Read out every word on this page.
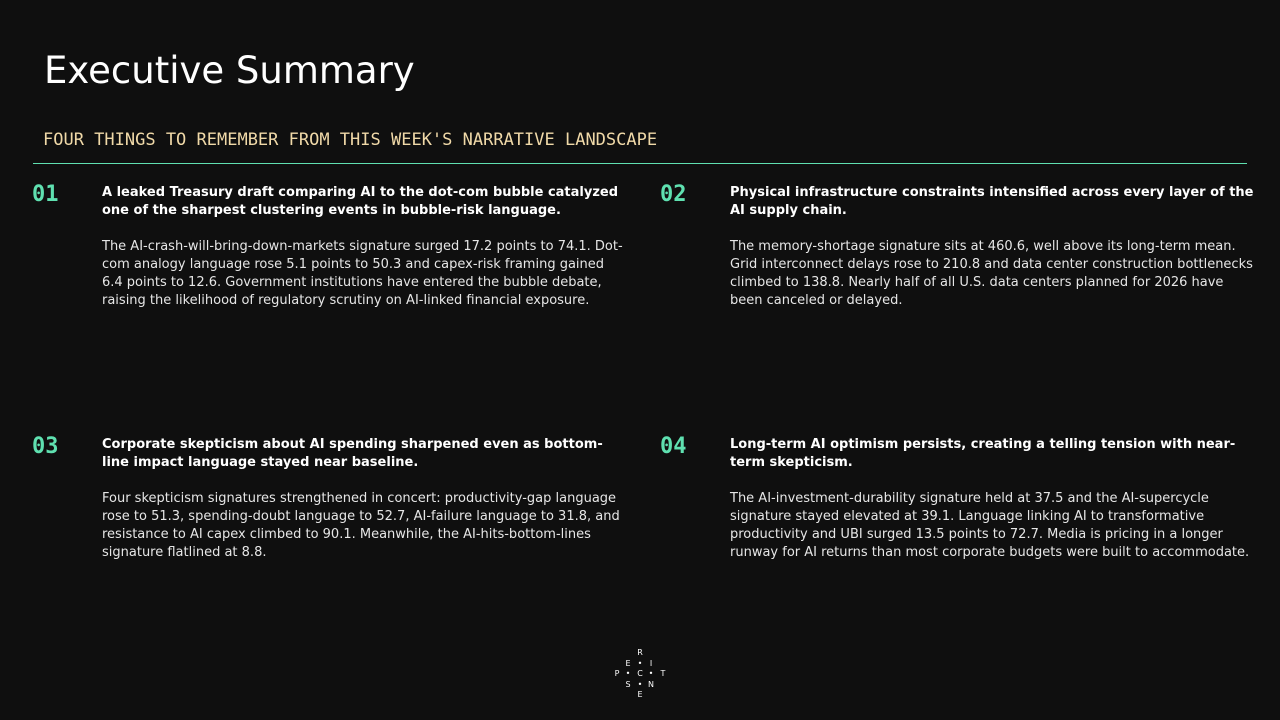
Executive Summary
FOUR THINGS TO REMEMBER FROM THIS WEEK'S NARRATIVE LANDSCAPE
01	A leaked Treasury draft comparing AI to the dot-com bubble catalyzed one of the sharpest clustering events in bubble-risk language.

The AI-crash-will-bring-down-markets signature surged 17.2 points to 74.1. Dot-com analogy language rose 5.1 points to 50.3 and capex-risk framing gained 6.4 points to 12.6. Government institutions have entered the bubble debate, raising the likelihood of regulatory scrutiny on AI-linked financial exposure.

02	Physical infrastructure constraints intensified across every layer of the AI supply chain.

The memory-shortage signature sits at 460.6, well above its long-term mean. Grid interconnect delays rose to 210.8 and data center construction bottlenecks climbed to 138.8. Nearly half of all U.S. data centers planned for 2026 have been canceled or delayed.

03	Corporate skepticism about AI spending sharpened even as bottom-line impact language stayed near baseline.

Four skepticism signatures strengthened in concert: productivity-gap language rose to 51.3, spending-doubt language to 52.7, AI-failure language to 31.8, and resistance to AI capex climbed to 90.1. Meanwhile, the AI-hits-bottom-lines signature flatlined at 8.8.

04	Long-term AI optimism persists, creating a telling tension with near-term skepticism.

The AI-investment-durability signature held at 37.5 and the AI-supercycle signature stayed elevated at 39.1. Language linking AI to transformative productivity and UBI surged 13.5 points to 72.7. Media is pricing in a longer runway for AI returns than most corporate budgets were built to accommodate.

R
E • I
P • C • T
S • N
E
